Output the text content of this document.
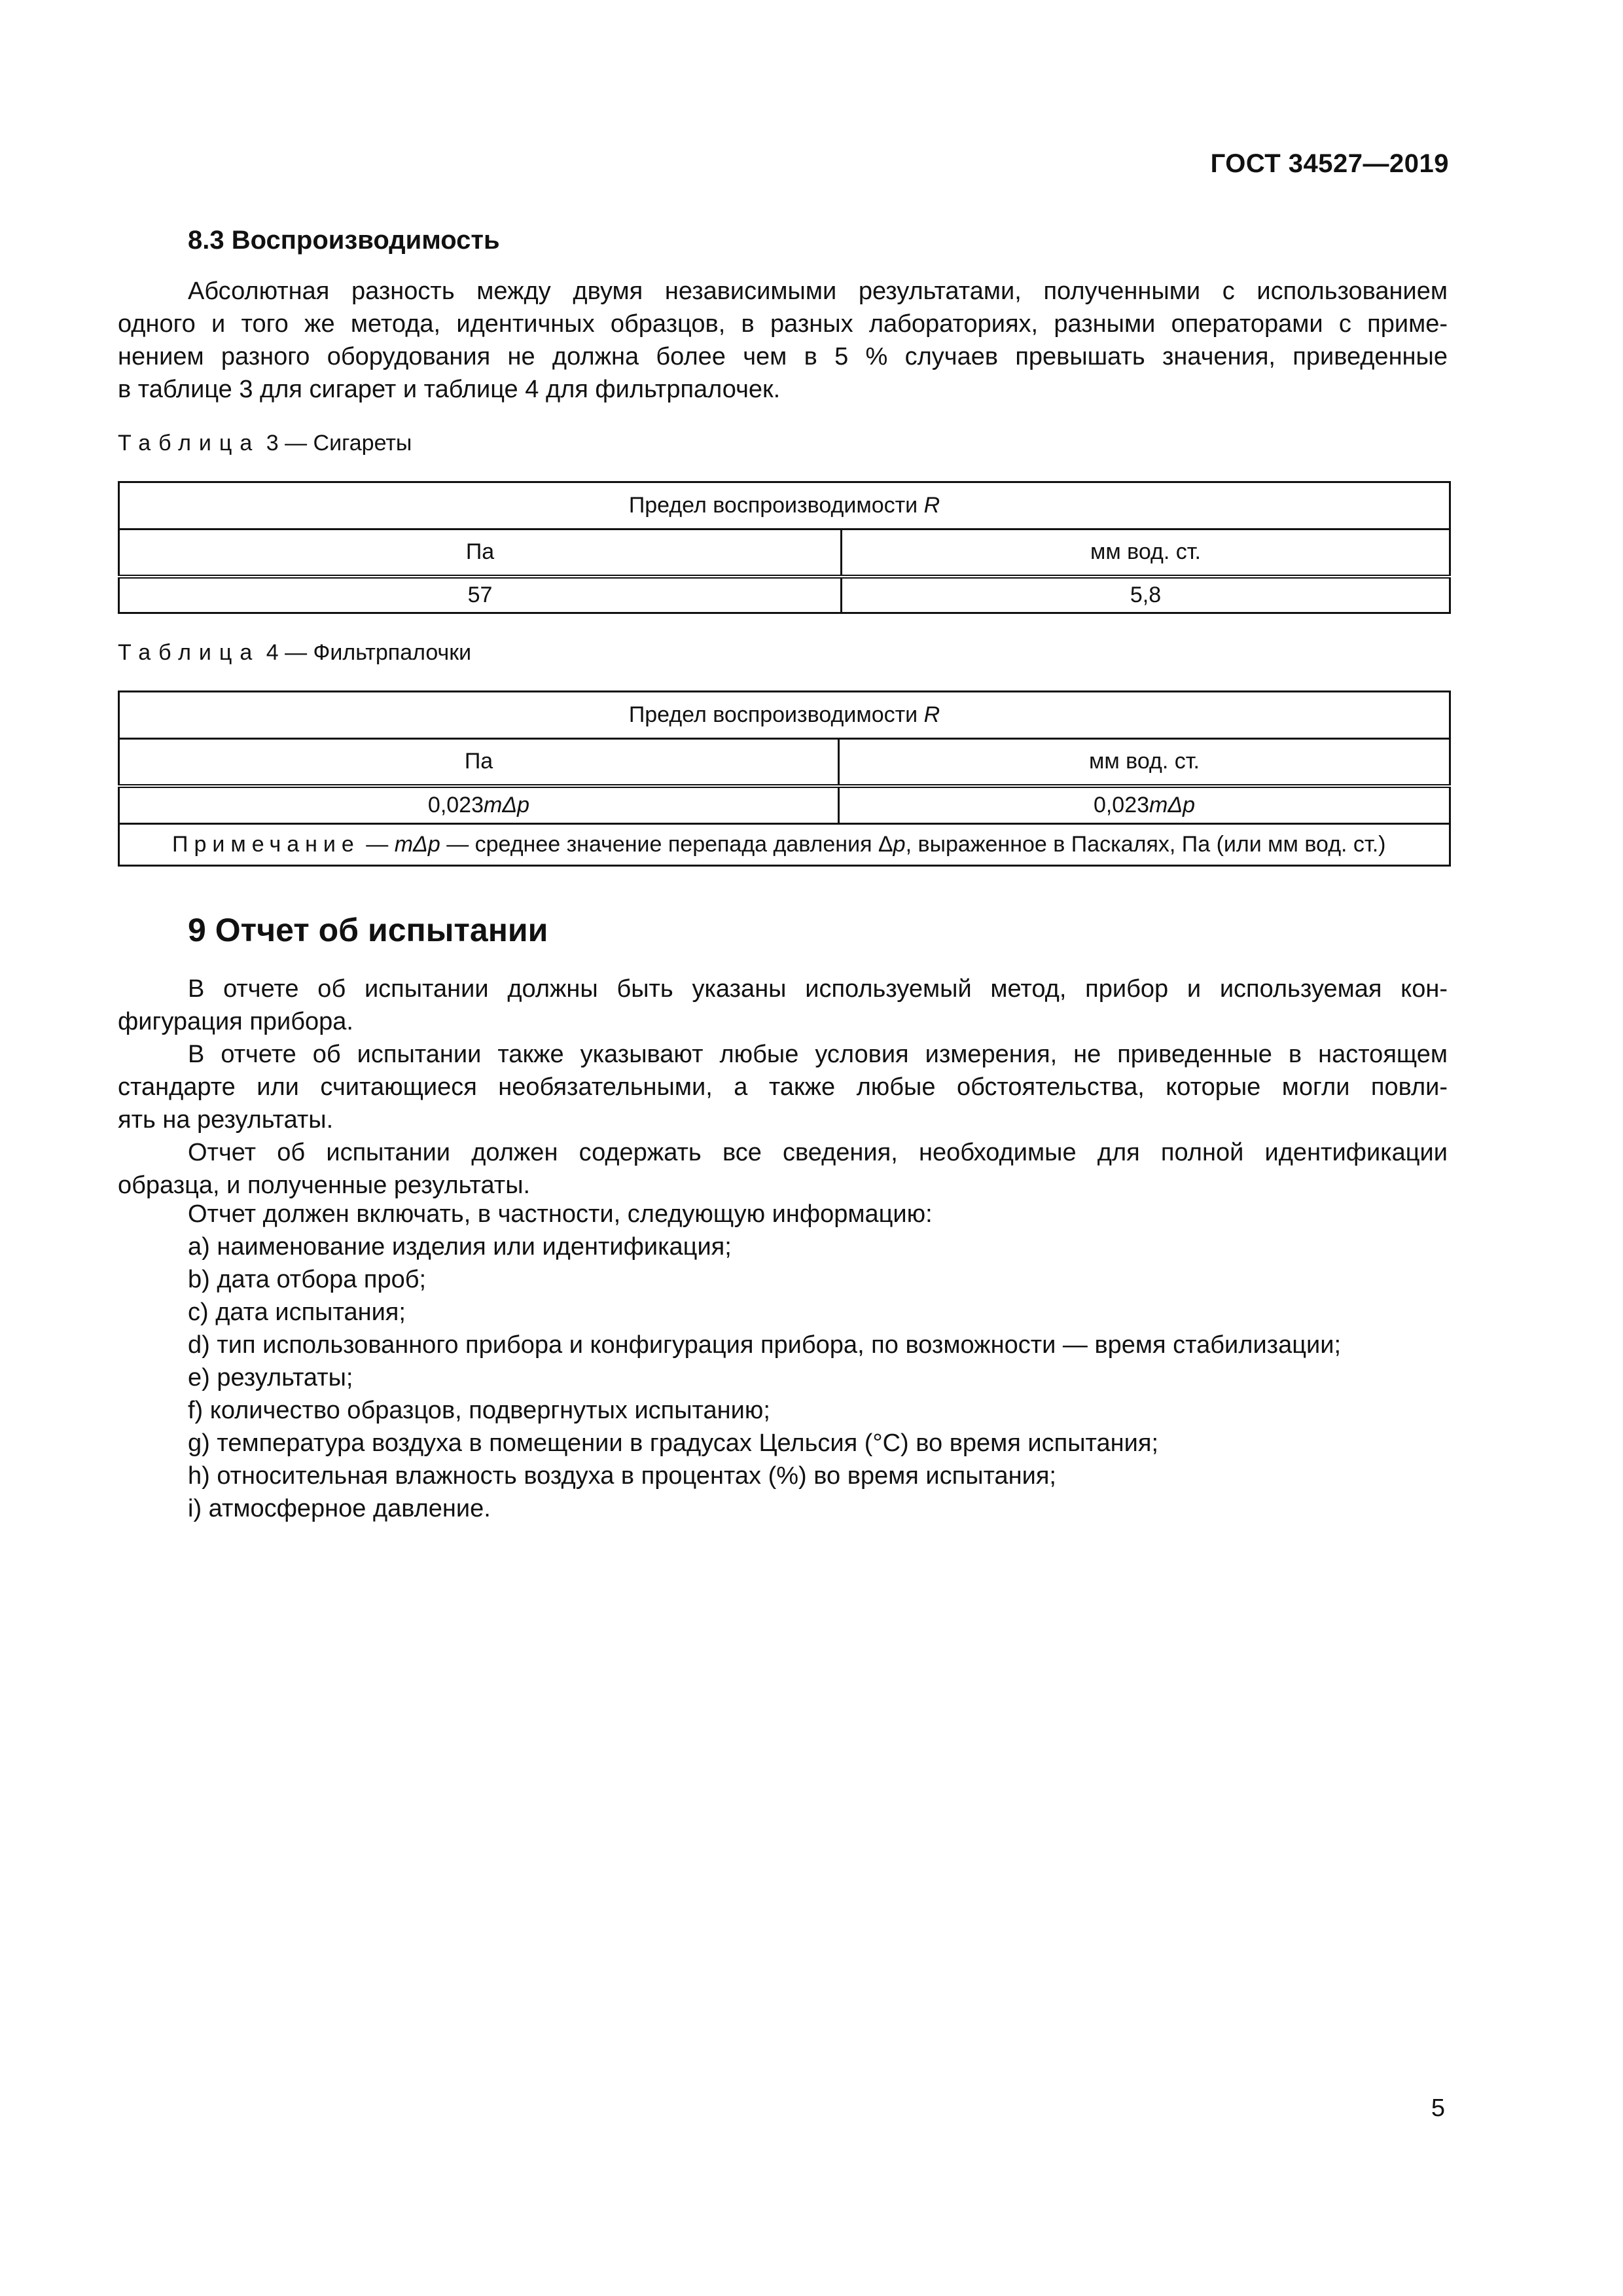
ГОСТ 34527—2019
8.3 Воспроизводимость
Абсолютная разность между двумя независимыми результатами, полученными с использованием
одного и того же метода, идентичных образцов, в разных лабораториях, разными операторами с приме-
нением разного оборудования не должна более чем в 5 % случаев превышать значения, приведенные
в таблице 3 для сигарет и таблице 4 для фильтрпалочек.
Таблица 3 — Сигареты
Предел воспроизводимости R	
Па	мм вод. ст.
57	5,8
Таблица 4 — Фильтрпалочки
Предел воспроизводимости R	
Па	мм вод. ст.
0,023mΔp	0,023mΔp
Примечание — mΔp — среднее значение перепада давления Δp, выраженное в Паскалях, Па (или мм вод. ст.)	
9 Отчет об испытании
В отчете об испытании должны быть указаны используемый метод, прибор и используемая кон-
фигурация прибора.
В отчете об испытании также указывают любые условия измерения, не приведенные в настоящем
стандарте или считающиеся необязательными, а также любые обстоятельства, которые могли повли-
ять на результаты.
Отчет об испытании должен содержать все сведения, необходимые для полной идентификации
образца, и полученные результаты.
Отчет должен включать, в частности, следующую информацию:
a) наименование изделия или идентификация;
b) дата отбора проб;
c) дата испытания;
d) тип использованного прибора и конфигурация прибора, по возможности — время стабилизации;
e) результаты;
f) количество образцов, подвергнутых испытанию;
g) температура воздуха в помещении в градусах Цельсия (°С) во время испытания;
h) относительная влажность воздуха в процентах (%) во время испытания;
i) атмосферное давление.
5
